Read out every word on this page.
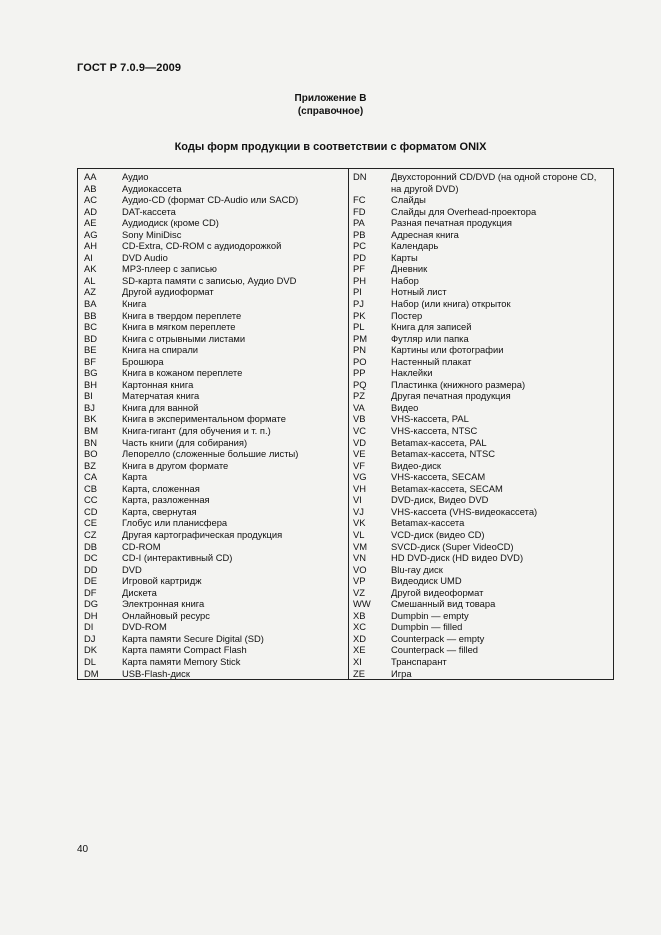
ГОСТ Р 7.0.9—2009
Приложение В
(справочное)
Коды форм продукции в соответствии с форматом ONIX
AA	Аудио
AB	Аудиокассета
AC	Аудио-CD (формат CD-Audio или SACD)
AD	DAT-кассета
AE	Аудиодиск (кроме CD)
AG	Sony MiniDisc
AH	CD-Extra, CD-ROM с аудиодорожкой
AI	DVD Audio
AK	MP3-плеер с записью
AL	SD-карта памяти с записью, Аудио DVD
AZ	Другой аудиоформат
BA	Книга
BB	Книга в твердом переплете
BC	Книга в мягком переплете
BD	Книга с отрывными листами
BE	Книга на спирали
BF	Брошюра
BG	Книга в кожаном переплете
BH	Картонная книга
BI	Матерчатая книга
BJ	Книга для ванной
BK	Книга в экспериментальном формате
BM	Книга-гигант (для обучения и т. п.)
BN	Часть книги (для собирания)
BO	Лепорелло (сложенные большие листы)
BZ	Книга в другом формате
CA	Карта
CB	Карта, сложенная
CC	Карта, разложенная
CD	Карта, свернутая
CE	Глобус или планисфера
CZ	Другая картографическая продукция
DB	CD-ROM
DC	CD-I (интерактивный CD)
DD	DVD
DE	Игровой картридж
DF	Дискета
DG	Электронная книга
DH	Онлайновый ресурс
DI	DVD-ROM
DJ	Карта памяти Secure Digital (SD)
DK	Карта памяти Compact Flash
DL	Карта памяти Memory Stick
DM	USB-Flash-диск
DN	Двухсторонний CD/DVD (на одной стороне CD,
на другой DVD)
FC	Слайды
FD	Слайды для Overhead-проектора
PA	Разная печатная продукция
PB	Адресная книга
PC	Календарь
PD	Карты
PF	Дневник
PH	Набор
PI	Нотный лист
PJ	Набор (или книга) открыток
PK	Постер
PL	Книга для записей
PM	Футляр или папка
PN	Картины или фотографии
PO	Настенный плакат
PP	Наклейки
PQ	Пластинка (книжного размера)
PZ	Другая печатная продукция
VA	Видео
VB	VHS-кассета, PAL
VC	VHS-кассета, NTSC
VD	Betamax-кассета, PAL
VE	Betamax-кассета, NTSC
VF	Видео-диск
VG	VHS-кассета, SECAM
VH	Betamax-кассета, SECAM
VI	DVD-диск, Видео DVD
VJ	VHS-кассета (VHS-видеокассета)
VK	Betamax-кассета
VL	VCD-диск (видео CD)
VM	SVCD-диск (Super VideoCD)
VN	HD DVD-диск (HD видео DVD)
VO	Blu-ray диск
VP	Видеодиск UMD
VZ	Другой видеоформат
WW	Смешанный вид товара
XB	Dumpbin — empty
XC	Dumpbin — filled
XD	Counterpack — empty
XE	Counterpack — filled
XI	Транспарант
ZE	Игра
40
